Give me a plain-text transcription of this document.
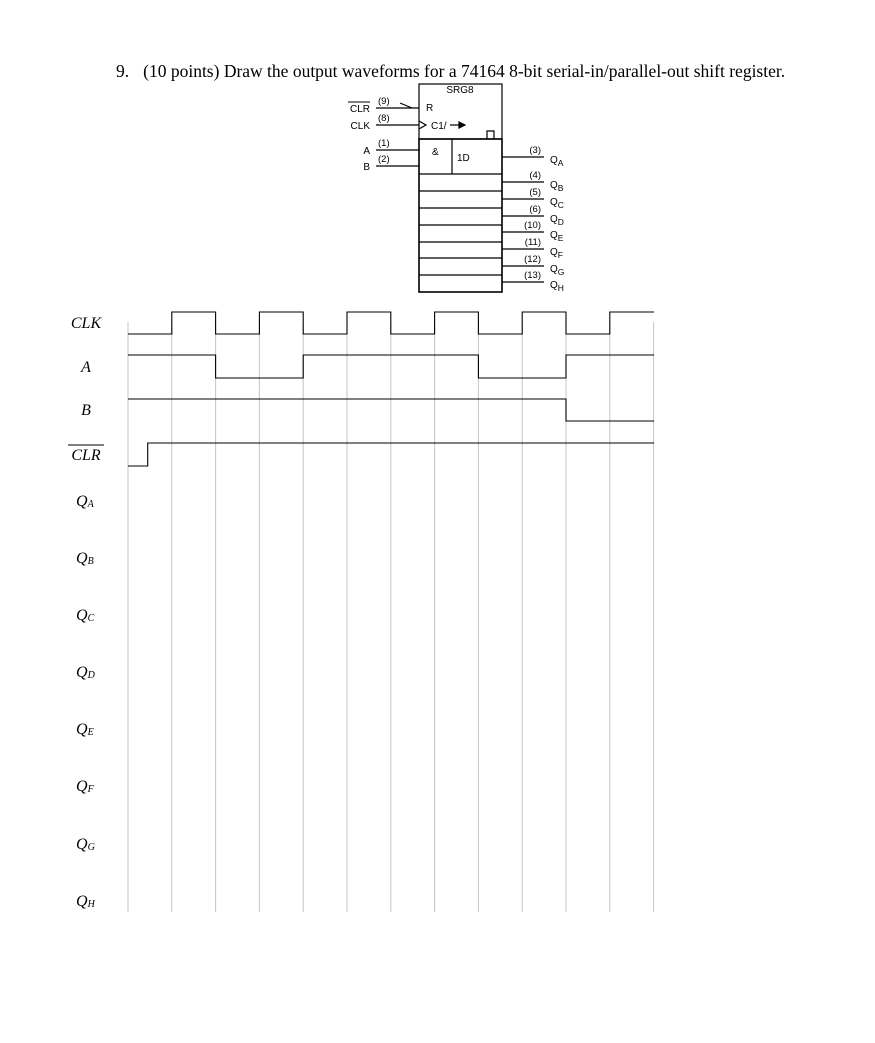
9. (10 points) Draw the output waveforms for a 74164 8-bit serial-in/parallel-out shift register.
SRG8
R
C1/
&
1D
CLR
(9)
CLK
(8)
A
(1)
B
(2)
(3)
$Q_A$
(4)
$Q_B$
(5)
$Q_C$
(6)
$Q_D$
(10)
$Q_E$
(11)
$Q_F$
(12)
$Q_G$
(13)
$Q_H$
CLK
A
B
CLR
QA
QB
QC
QD
QE
QF
QG
QH
